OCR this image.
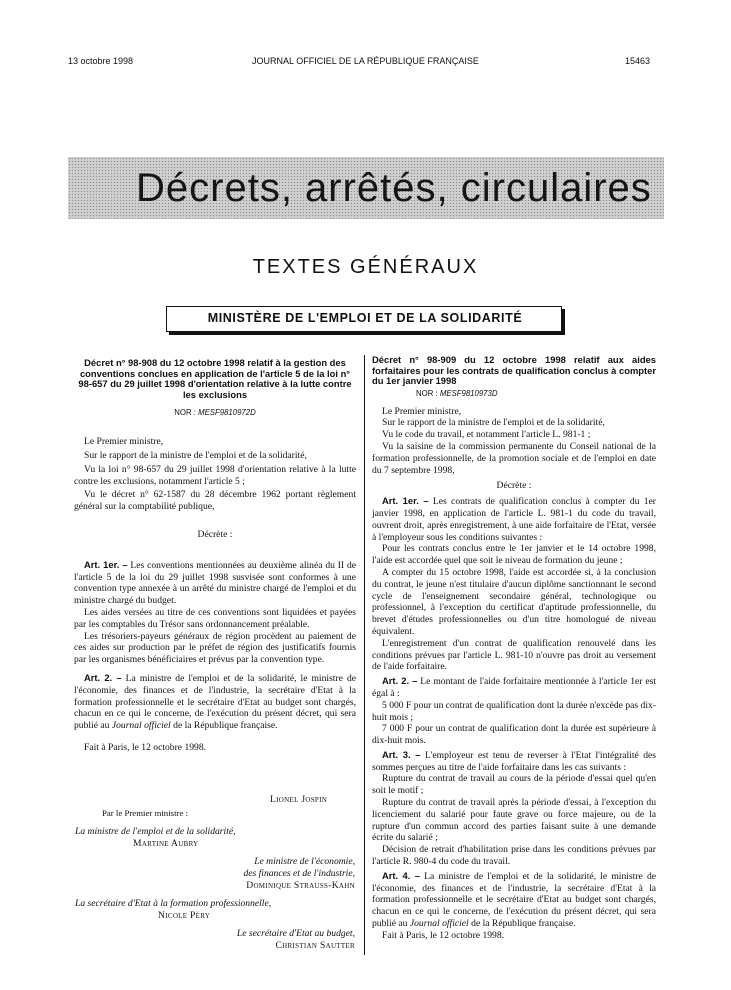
13 octobre 1998	JOURNAL OFFICIEL DE LA RÉPUBLIQUE FRANÇAISE	15463
Décrets, arrêtés, circulaires
TEXTES GÉNÉRAUX
MINISTÈRE DE L'EMPLOI ET DE LA SOLIDARITÉ
Décret n° 98-908 du 12 octobre 1998 relatif à la gestion des conventions conclues en application de l'article 5 de la loi n° 98-657 du 29 juillet 1998 d'orientation relative à la lutte contre les exclusions
NOR : MESF9810972D

Le Premier ministre,

Sur le rapport de la ministre de l'emploi et de la solidarité,

Vu la loi n° 98-657 du 29 juillet 1998 d'orientation relative à la lutte contre les exclusions, notamment l'article 5 ;

Vu le décret n° 62-1587 du 28 décembre 1962 portant règlement général sur la comptabilité publique,

Décrète :

Art. 1er. – Les conventions mentionnées au deuxième alinéa du II de l'article 5 de la loi du 29 juillet 1998 susvisée sont conformes à une convention type annexée à un arrêté du ministre chargé de l'emploi et du ministre chargé du budget.

Les aides versées au titre de ces conventions sont liquidées et payées par les comptables du Trésor sans ordonnancement préalable.

Les trésoriers-payeurs généraux de région procèdent au paiement de ces aides sur production par le préfet de région des justificatifs fournis par les organismes bénéficiaires et prévus par la convention type.

Art. 2. – La ministre de l'emploi et de la solidarité, le ministre de l'économie, des finances et de l'industrie, la secrétaire d'Etat à la formation professionnelle et le secrétaire d'Etat au budget sont chargés, chacun en ce qui le concerne, de l'exécution du présent décret, qui sera publié au Journal officiel de la République française.

Fait à Paris, le 12 octobre 1998.

Lionel Jospin
Par le Premier ministre :
La ministre de l'emploi et de la solidarité,
Martine Aubry
Le ministre de l'économie,
des finances et de l'industrie,
Dominique Strauss-Kahn
La secrétaire d'Etat à la formation professionnelle,
Nicole Péry
Le secrétaire d'Etat au budget,
Christian Sautter
Décret n° 98-909 du 12 octobre 1998 relatif aux aides forfaitaires pour les contrats de qualification conclus à compter du 1er janvier 1998
NOR : MESF9810973D

Le Premier ministre,

Sur le rapport de la ministre de l'emploi et de la solidarité,

Vu le code du travail, et notamment l'article L. 981-1 ;

Vu la saisine de la commission permanente du Conseil national de la formation professionnelle, de la promotion sociale et de l'emploi en date du 7 septembre 1998,

Décrète :

Art. 1er. – Les contrats de qualification conclus à compter du 1er janvier 1998, en application de l'article L. 981-1 du code du travail, ouvrent droit, après enregistrement, à une aide forfaitaire de l'Etat, versée à l'employeur sous les conditions suivantes :

Pour les contrats conclus entre le 1er janvier et le 14 octobre 1998, l'aide est accordée quel que soit le niveau de formation du jeune ;

A compter du 15 octobre 1998, l'aide est accordée si, à la conclusion du contrat, le jeune n'est titulaire d'aucun diplôme sanctionnant le second cycle de l'enseignement secondaire général, technologique ou professionnel, à l'exception du certificat d'aptitude professionnelle, du brevet d'études professionnelles ou d'un titre homologué de niveau équivalent.

L'enregistrement d'un contrat de qualification renouvelé dans les conditions prévues par l'article L. 981-10 n'ouvre pas droit au versement de l'aide forfaitaire.

Art. 2. – Le montant de l'aide forfaitaire mentionnée à l'article 1er est égal à :

5 000 F pour un contrat de qualification dont la durée n'excède pas dix-huit mois ;

7 000 F pour un contrat de qualification dont la durée est supérieure à dix-huit mois.

Art. 3. – L'employeur est tenu de reverser à l'Etat l'intégralité des sommes perçues au titre de l'aide forfaitaire dans les cas suivants :

Rupture du contrat de travail au cours de la période d'essai quel qu'en soit le motif ;

Rupture du contrat de travail après la période d'essai, à l'exception du licenciement du salarié pour faute grave ou force majeure, ou de la rupture d'un commun accord des parties faisant suite à une demande écrite du salarié ;

Décision de retrait d'habilitation prise dans les conditions prévues par l'article R. 980-4 du code du travail.

Art. 4. – La ministre de l'emploi et de la solidarité, le ministre de l'économie, des finances et de l'industrie, la secrétaire d'Etat à la formation professionnelle et le secrétaire d'Etat au budget sont chargés, chacun en ce qui le concerne, de l'exécution du présent décret, qui sera publié au Journal officiel de la République française.

Fait à Paris, le 12 octobre 1998.
